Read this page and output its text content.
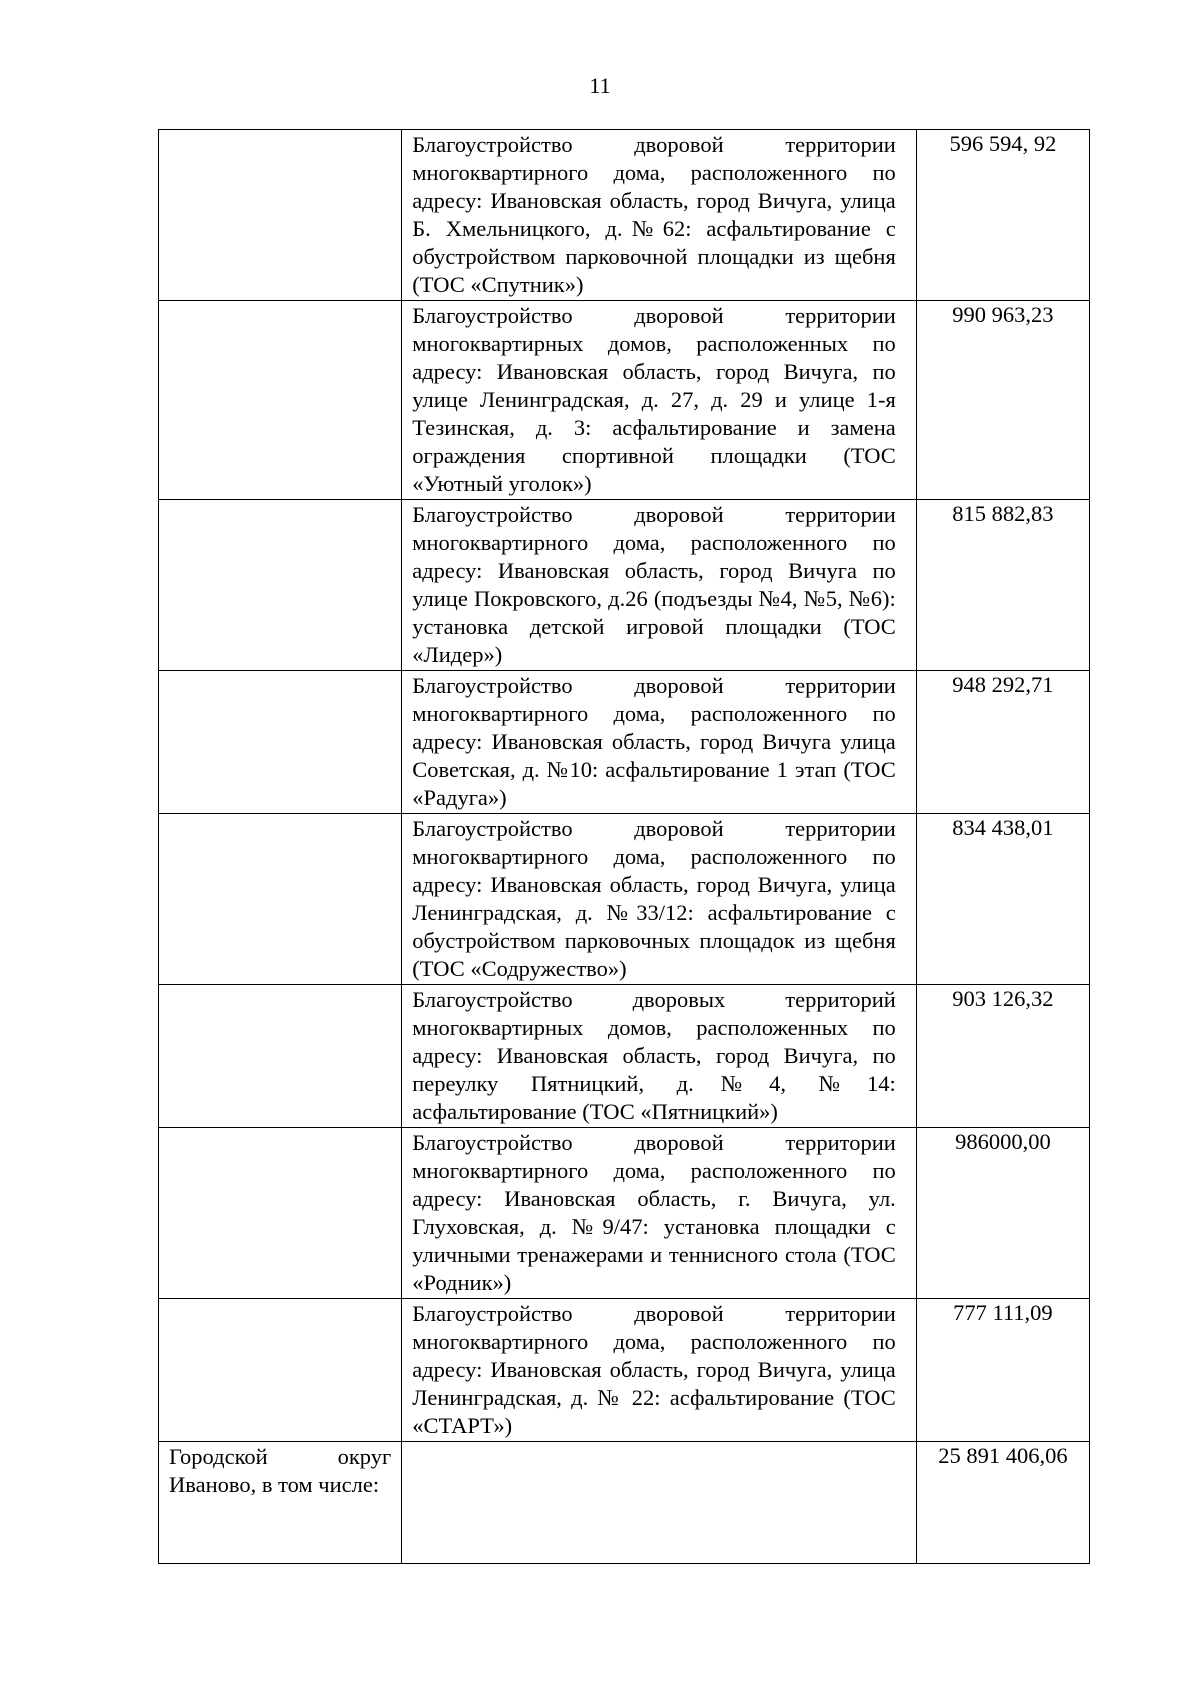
11

	Благоустройство дворовой территории многоквартирного дома, расположенного по адресу: Ивановская область, город Вичуга, улица Б. Хмельницкого, д.№62: асфальтирование с обустройством парковочной площадки из щебня (ТОС «Спутник»)	596 594, 92

	Благоустройство дворовой территории многоквартирных домов, расположенных по адресу: Ивановская область, город Вичуга, по улице Ленинградская, д. 27, д. 29 и улице 1-я Тезинская, д. 3: асфальтирование и замена ограждения спортивной площадки (ТОС «Уютный уголок»)	990 963,23

	Благоустройство дворовой территории многоквартирного дома, расположенного по адресу: Ивановская область, город Вичуга по улице Покровского, д.26 (подъезды №4, №5, №6): установка детской игровой площадки (ТОС «Лидер»)	815 882,83

	Благоустройство дворовой территории многоквартирного дома, расположенного по адресу: Ивановская область, город Вичуга улица Советская, д. №10: асфальтирование 1 этап (ТОС «Радуга»)	948 292,71

	Благоустройство дворовой территории многоквартирного дома, расположенного по адресу: Ивановская область, город Вичуга, улица Ленинградская, д. №33/12: асфальтирование с обустройством парковочных площадок из щебня (ТОС «Содружество»)	834 438,01

	Благоустройство дворовых территорий многоквартирных домов, расположенных по адресу: Ивановская область, город Вичуга, по переулку Пятницкий, д.№4, №14: асфальтирование (ТОС «Пятницкий»)	903 126,32

	Благоустройство дворовой территории многоквартирного дома, расположенного по адресу: Ивановская область, г. Вичуга, ул. Глуховская, д. №9/47: установка площадки с уличными тренажерами и теннисного стола (ТОС «Родник»)	986000,00

	Благоустройство дворовой территории многоквартирного дома, расположенного по адресу: Ивановская область, город Вичуга, улица Ленинградская, д. № 22: асфальтирование (ТОС «СТАРТ»)	777 111,09

Городской округ Иваново, в том числе:		25 891 406,06
